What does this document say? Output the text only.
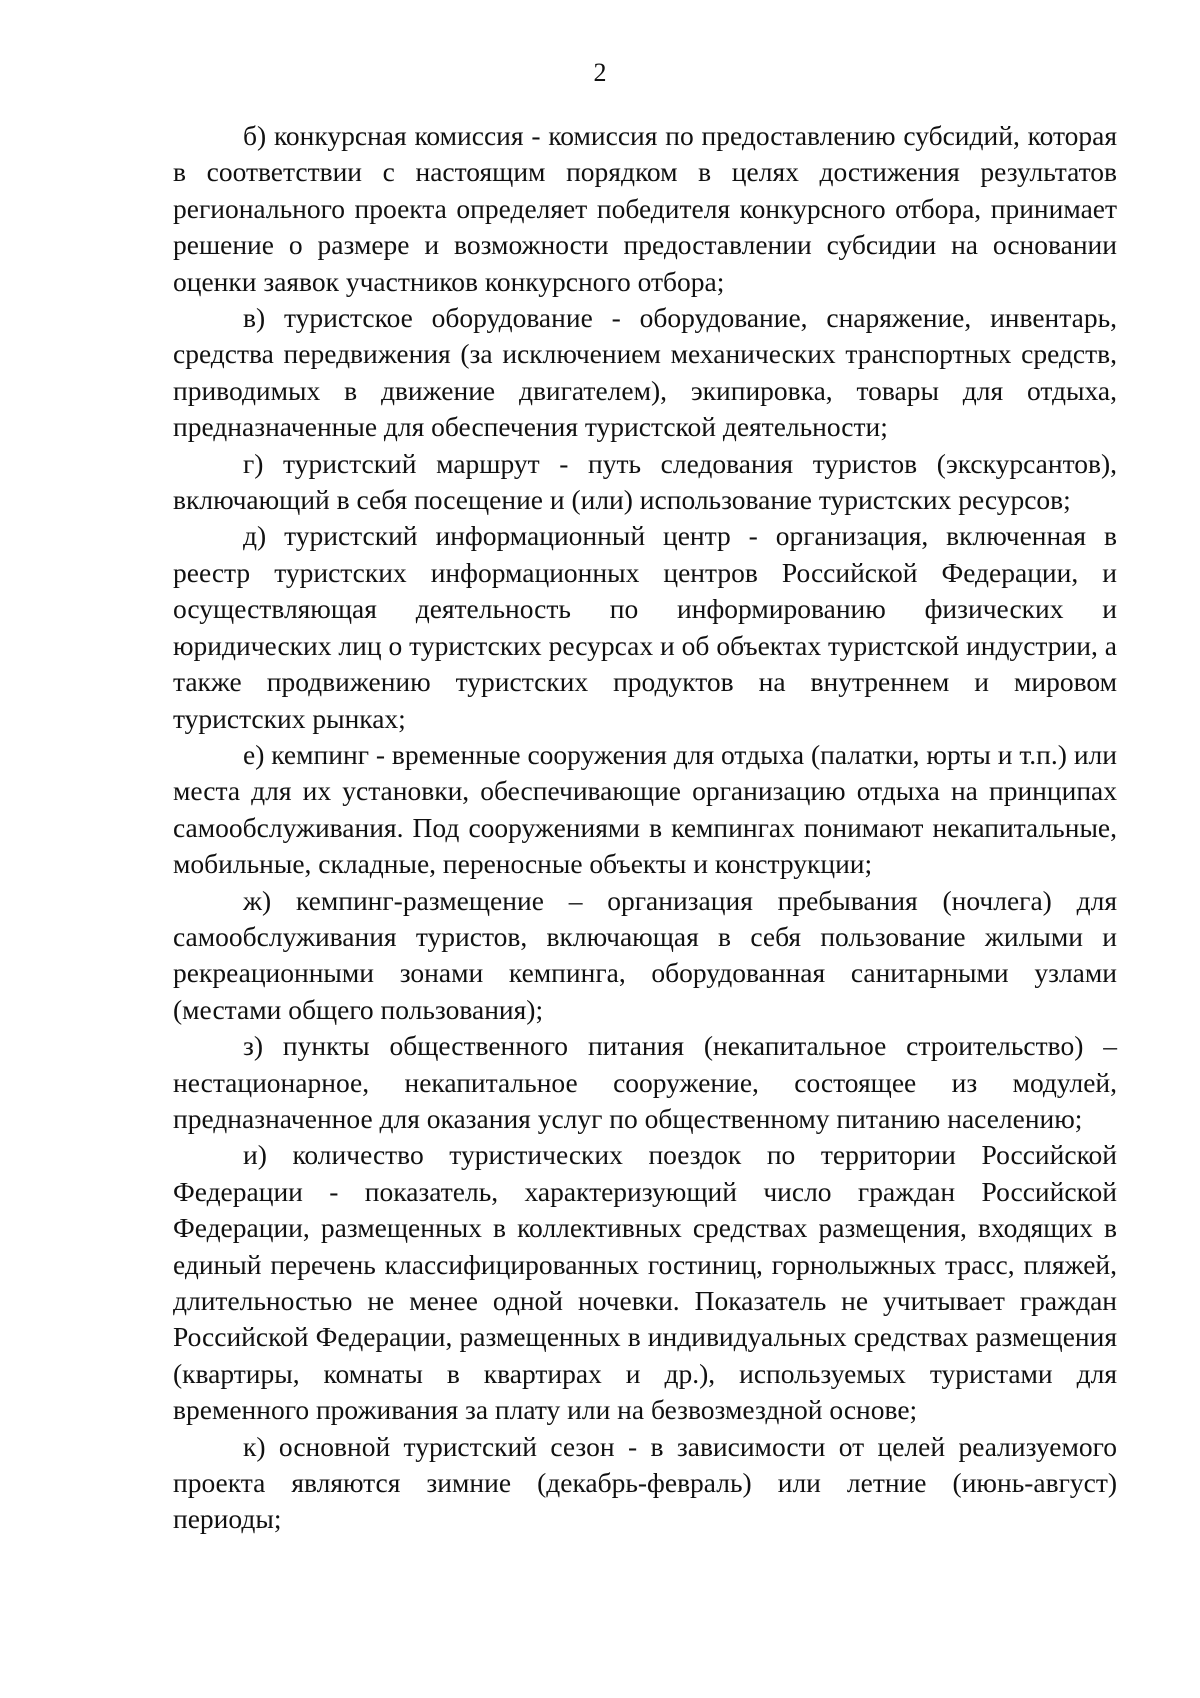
2

б) конкурсная комиссия - комиссия по предоставлению субсидий, которая в соответствии с настоящим порядком в целях достижения результатов регионального проекта определяет победителя конкурсного отбора, принимает решение о размере и возможности предоставлении субсидии на основании оценки заявок участников конкурсного отбора;

в) туристское оборудование - оборудование, снаряжение, инвентарь, средства передвижения (за исключением механических транспортных средств, приводимых в движение двигателем), экипировка, товары для отдыха, предназначенные для обеспечения туристской деятельности;

г) туристский маршрут - путь следования туристов (экскурсантов), включающий в себя посещение и (или) использование туристских ресурсов;

д) туристский информационный центр - организация, включенная в реестр туристских информационных центров Российской Федерации, и осуществляющая деятельность по информированию физических и юридических лиц о туристских ресурсах и об объектах туристской индустрии, а также продвижению туристских продуктов на внутреннем и мировом туристских рынках;

е) кемпинг - временные сооружения для отдыха (палатки, юрты и т.п.) или места для их установки, обеспечивающие организацию отдыха на принципах самообслуживания. Под сооружениями в кемпингах понимают некапитальные, мобильные, складные, переносные объекты и конструкции;

ж) кемпинг-размещение – организация пребывания (ночлега) для самообслуживания туристов, включающая в себя пользование жилыми и рекреационными зонами кемпинга, оборудованная санитарными узлами (местами общего пользования);

з) пункты общественного питания (некапитальное строительство) – нестационарное, некапитальное сооружение, состоящее из модулей, предназначенное для оказания услуг по общественному питанию населению;

и) количество туристических поездок по территории Российской Федерации - показатель, характеризующий число граждан Российской Федерации, размещенных в коллективных средствах размещения, входящих в единый перечень классифицированных гостиниц, горнолыжных трасс, пляжей, длительностью не менее одной ночевки. Показатель не учитывает граждан Российской Федерации, размещенных в индивидуальных средствах размещения (квартиры, комнаты в квартирах и др.), используемых туристами для временного проживания за плату или на безвозмездной основе;

к) основной туристский сезон - в зависимости от целей реализуемого проекта являются зимние (декабрь-февраль) или летние (июнь-август) периоды;
